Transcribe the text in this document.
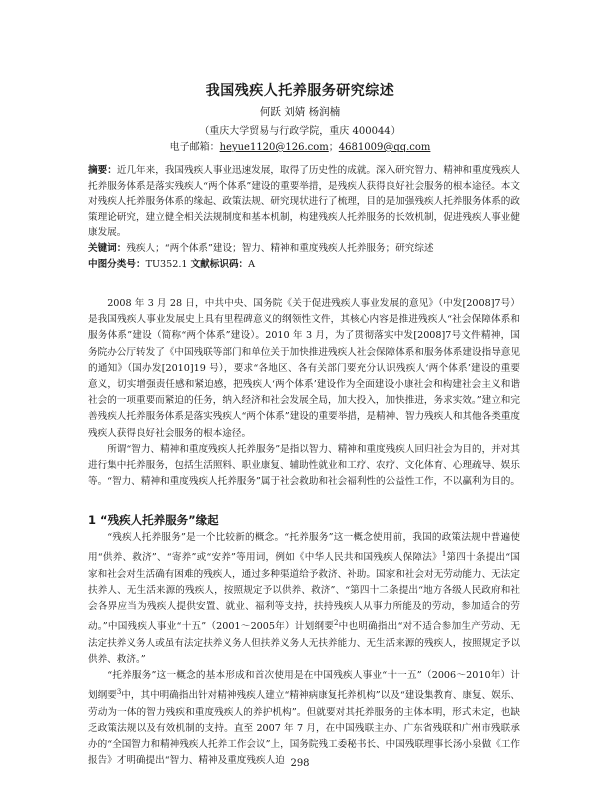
我国残疾人托养服务研究综述
何跃 刘婧 杨润楠
（重庆大学贸易与行政学院，重庆 400044）
电子邮箱：heyue1120@126.com；4681009@qq.com

摘要：近几年来，我国残疾人事业迅速发展，取得了历史性的成就。深入研究智力、精神和重度残疾人托养服务体系是落实残疾人“两个体系”建设的重要举措，是残疾人获得良好社会服务的根本途径。本文对残疾人托养服务体系的缘起、政策法规、研究现状进行了梳理，目的是加强残疾人托养服务体系的政策理论研究，建立健全相关法规制度和基本机制，构建残疾人托养服务的长效机制，促进残疾人事业健康发展。

关键词：残疾人；“两个体系”建设；智力、精神和重度残疾人托养服务；研究综述

中图分类号：TU352.1 文献标识码：A

2008 年 3 月 28 日，中共中央、国务院《关于促进残疾人事业发展的意见》（中发[2008]7号）是我国残疾人事业发展史上具有里程碑意义的纲领性文件，其核心内容是推进残疾人“社会保障体系和服务体系”建设（简称“两个体系”建设）。2010 年 3 月，为了贯彻落实中发[2008]7号文件精神，国务院办公厅转发了《中国残联等部门和单位关于加快推进残疾人社会保障体系和服务体系建设指导意见的通知》（国办发[2010]19 号），要求“各地区、各有关部门要充分认识残疾人‘两个体系’建设的重要意义，切实增强责任感和紧迫感，把残疾人‘两个体系’建设作为全面建设小康社会和构建社会主义和谐社会的一项重要而紧迫的任务，纳入经济和社会发展全局，加大投入，加快推进，务求实效。”建立和完善残疾人托养服务体系是落实残疾人“两个体系”建设的重要举措，是精神、智力残疾人和其他各类重度残疾人获得良好社会服务的根本途径。

所谓“智力、精神和重度残疾人托养服务”是指以智力、精神和重度残疾人回归社会为目的，并对其进行集中托养服务，包括生活照料、职业康复、辅助性就业和工疗、农疗、文化体育、心理疏导、娱乐等。“智力、精神和重度残疾人托养服务”属于社会救助和社会福利性的公益性工作，不以赢利为目的。

1 “残疾人托养服务”缘起

“残疾人托养服务”是一个比较新的概念。“托养服务”这一概念使用前，我国的政策法规中普遍使用“供养、救济”、“寄养”或“安养”等用词，例如《中华人民共和国残疾人保障法》$^1$第四十条提出“国家和社会对生活确有困难的残疾人，通过多种渠道给予救济、补助。国家和社会对无劳动能力、无法定扶养人、无生活来源的残疾人，按照规定予以供养、救济”、“第四十二条提出“地方各级人民政府和社会各界应当为残疾人提供安置、就业、福利等支持，扶持残疾人从事力所能及的劳动，参加适合的劳动。”中国残疾人事业“十五”（2001～2005年）计划纲要$^2$中也明确指出“对不适合参加生产劳动、无法定扶养义务人或虽有法定扶养义务人但扶养义务人无扶养能力、无生活来源的残疾人，按照规定予以供养、救济。”

“托养服务”这一概念的基本形成和首次使用是在中国残疾人事业“十一五”（2006～2010年）计划纲要$^3$中，其中明确指出针对精神残疾人建立“精神病康复托养机构”以及“建设集教育、康复、娱乐、劳动为一体的智力残疾和重度残疾人的养护机构”。但就要对其托养服务的主体本明，形式未定，也缺乏政策法规以及有效机制的支持。直至 2007 年 7 月，在中国残联主办、广东省残联和广州市残联承办的“全国智力和精神残疾人托养工作会议”上，国务院残工委秘书长、中国残联理事长汤小泉做《工作报告》才明确提出“智力、精神及重度残疾人迫 298
